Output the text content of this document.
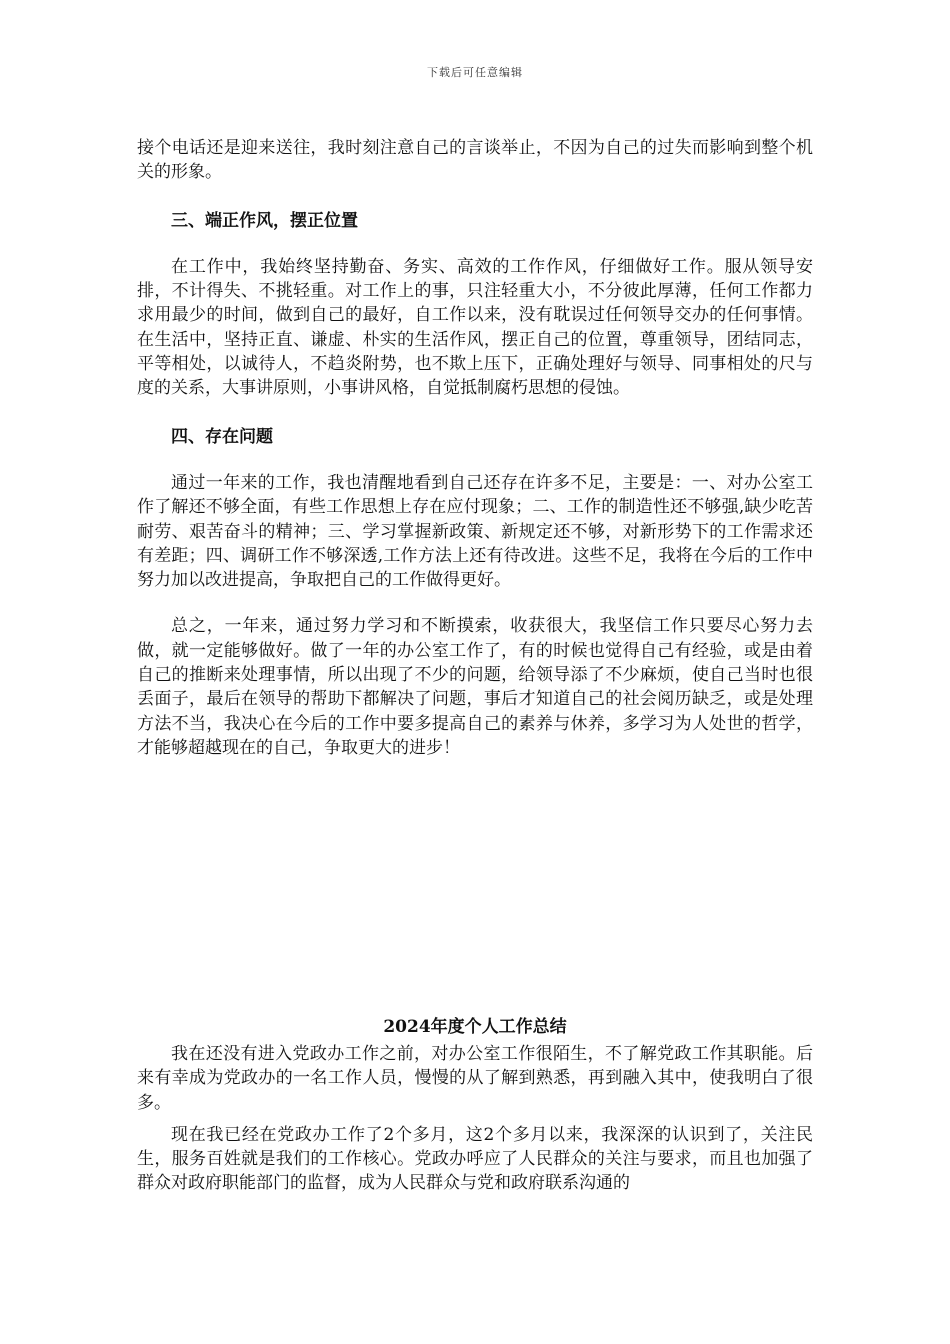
下载后可任意编辑

接个电话还是迎来送往，我时刻注意自己的言谈举止，不因为自己的过失而影响到整个机关的形象。

三、端正作风，摆正位置

在工作中，我始终坚持勤奋、务实、高效的工作作风，仔细做好工作。服从领导安排，不计得失、不挑轻重。对工作上的事，只注轻重大小，不分彼此厚薄，任何工作都力求用最少的时间，做到自己的最好，自工作以来，没有耽误过任何领导交办的任何事情。在生活中，坚持正直、谦虚、朴实的生活作风，摆正自己的位置，尊重领导，团结同志，平等相处，以诚待人，不趋炎附势，也不欺上压下，正确处理好与领导、同事相处的尺与度的关系，大事讲原则，小事讲风格，自觉抵制腐朽思想的侵蚀。

四、存在问题

通过一年来的工作，我也清醒地看到自己还存在许多不足，主要是：一、对办公室工作了解还不够全面，有些工作思想上存在应付现象；二、工作的制造性还不够强,缺少吃苦耐劳、艰苦奋斗的精神；三、学习掌握新政策、新规定还不够，对新形势下的工作需求还有差距；四、调研工作不够深透,工作方法上还有待改进。这些不足，我将在今后的工作中努力加以改进提高，争取把自己的工作做得更好。

总之，一年来，通过努力学习和不断摸索，收获很大，我坚信工作只要尽心努力去做，就一定能够做好。做了一年的办公室工作了，有的时候也觉得自己有经验，或是由着自己的推断来处理事情，所以出现了不少的问题，给领导添了不少麻烦，使自己当时也很丢面子，最后在领导的帮助下都解决了问题，事后才知道自己的社会阅历缺乏，或是处理方法不当，我决心在今后的工作中要多提高自己的素养与休养，多学习为人处世的哲学，才能够超越现在的自己，争取更大的进步！

2024年度个人工作总结

我在还没有进入党政办工作之前，对办公室工作很陌生，不了解党政工作其职能。后来有幸成为党政办的一名工作人员，慢慢的从了解到熟悉，再到融入其中，使我明白了很多。

现在我已经在党政办工作了2个多月，这2个多月以来，我深深的认识到了，关注民生，服务百姓就是我们的工作核心。党政办呼应了人民群众的关注与要求，而且也加强了群众对政府职能部门的监督，成为人民群众与党和政府联系沟通的
